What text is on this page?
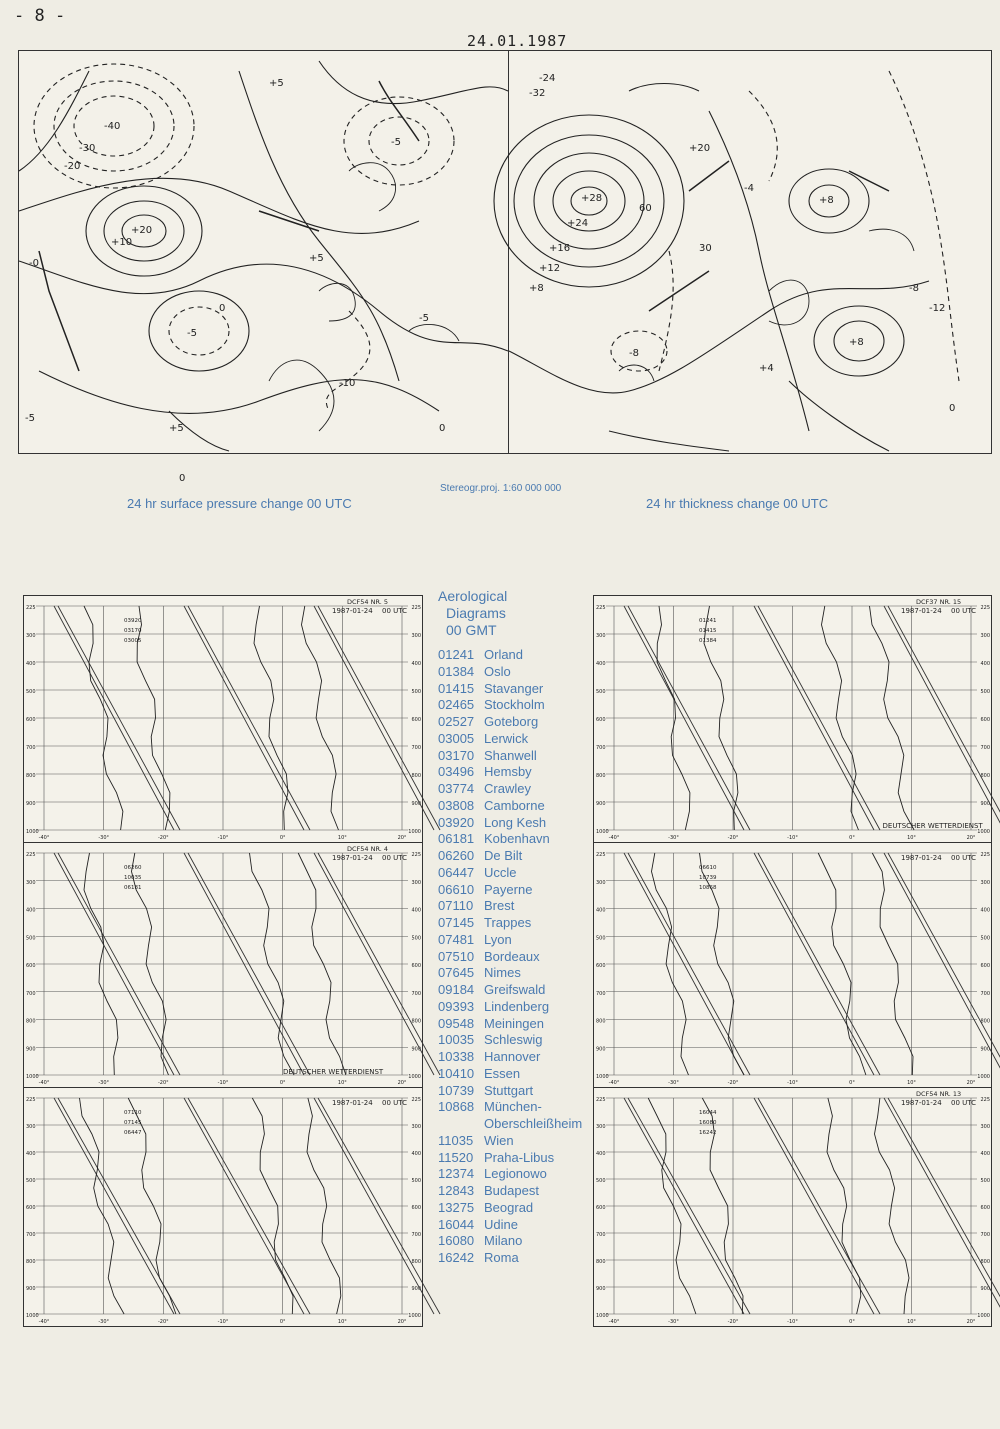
- 8 -
24.01.1987
-40
-30
-20
+20
+10
-5
-5
+5
+5
-5
-10
0
-0
-5
0
0
+5
+28
+24
+16
+12
+8
-8
+8
+8
-4
-8
-12
+4
60
30
0
-24
-32
+20
Stereogr.proj. 1:60 000 000
24 hr surface pressure change 00 UTC	24 hr thickness change 00 UTC
225	225
300	300
400	400
500	500
600	600
700	700
800	800
900	900
1000	1000
-40°	-30°	-20°	-10°	0°	10°	20°
DCF54 NR. 5
1987-01-24 00 UTC
03920
03170
03005
225	225
300	300
400	400
500	500
600	600
700	700
800	800
900	900
1000	1000
-40°	-30°	-20°	-10°	0°	10°	20°
DCF37 NR. 15
1987-01-24 00 UTC
01241
01415
01384
DEUTSCHER WETTERDIENST
225	225
300	300
400	400
500	500
600	600
700	700
800	800
900	900
1000	1000
-40°	-30°	-20°	-10°	0°	10°	20°
DCF54 NR. 4
1987-01-24 00 UTC
06260
10035
06181
225	225
300	300
400	400
500	500
600	600
700	700
800	800
900	900
1000	1000
-40°	-30°	-20°	-10°	0°	10°	20°
1987-01-24 00 UTC
06610
10739
10868
225	225
300	300
400	400
500	500
600	600
700	700
800	800
900	900
1000	1000
-40°	-30°	-20°	-10°	0°	10°	20°
1987-01-24 00 UTC
07110
07145
06447
DEUTSCHER WETTERDIENST
225	225
300	300
400	400
500	500
600	600
700	700
800	800
900	900
1000	1000
-40°	-30°	-20°	-10°	0°	10°	20°
DCF54 NR. 13
1987-01-24 00 UTC
16044
16080
16242
Aerological
Diagrams
00 GMT
01241 Orland
01384 Oslo
01415 Stavanger
02465 Stockholm
02527 Goteborg
03005 Lerwick
03170 Shanwell
03496 Hemsby
03774 Crawley
03808 Camborne
03920 Long Kesh
06181 Kobenhavn
06260 De Bilt
06447 Uccle
06610 Payerne
07110 Brest
07145 Trappes
07481 Lyon
07510 Bordeaux
07645 Nimes
09184 Greifswald
09393 Lindenberg
09548 Meiningen
10035 Schleswig
10338 Hannover
10410 Essen
10739 Stuttgart
10868 München-
Oberschleißheim
11035 Wien
11520 Praha-Libus
12374 Legionowo
12843 Budapest
13275 Beograd
16044 Udine
16080 Milano
16242 Roma
